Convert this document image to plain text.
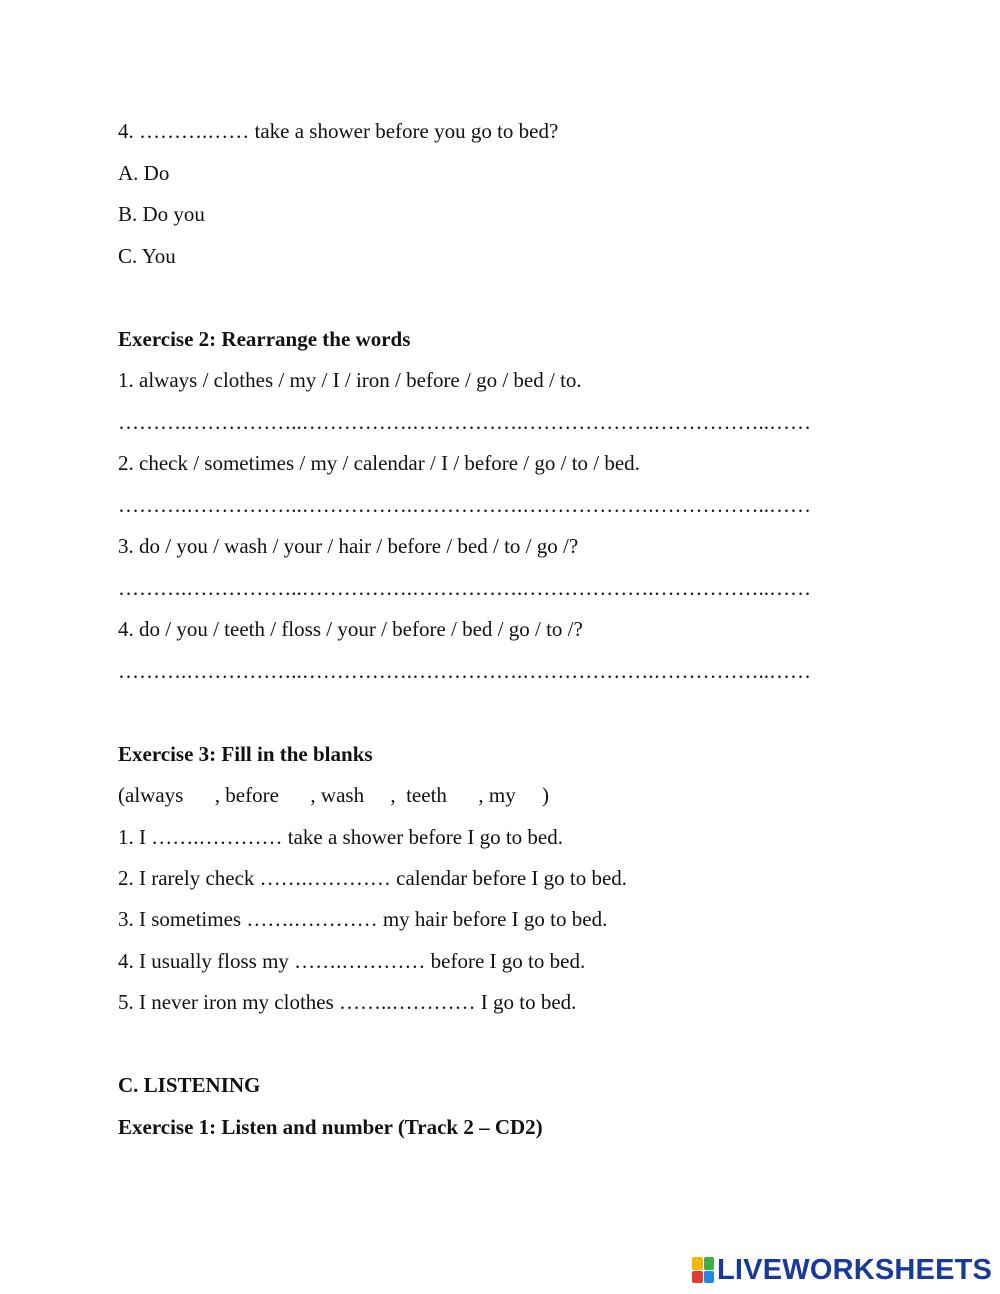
4. ……….…… take a shower before you go to bed?
A. Do
B. Do you
C. You
Exercise 2: Rearrange the words
1. always / clothes / my / I / iron / before / go / bed / to.
……….……………..…………….…………….……………….……………..……
2. check / sometimes / my / calendar / I / before / go / to / bed.
……….……………..…………….…………….……………….……………..……
3. do / you / wash / your / hair / before / bed / to / go /?
……….……………..…………….…………….……………….……………..……
4. do / you / teeth / floss / your / before / bed / go / to /?
……….……………..…………….…………….……………….……………..……
Exercise 3: Fill in the blanks
(always      , before      , wash     ,  teeth      , my     )
1. I …….………… take a shower before I go to bed.
2. I rarely check …….………… calendar before I go to bed.
3. I sometimes …….………… my hair before I go to bed.
4. I usually floss my …….………… before I go to bed.
5. I never iron my clothes ……..………… I go to bed.
C. LISTENING
Exercise 1: Listen and number (Track 2 – CD2)
LIVEWORKSHEETS
